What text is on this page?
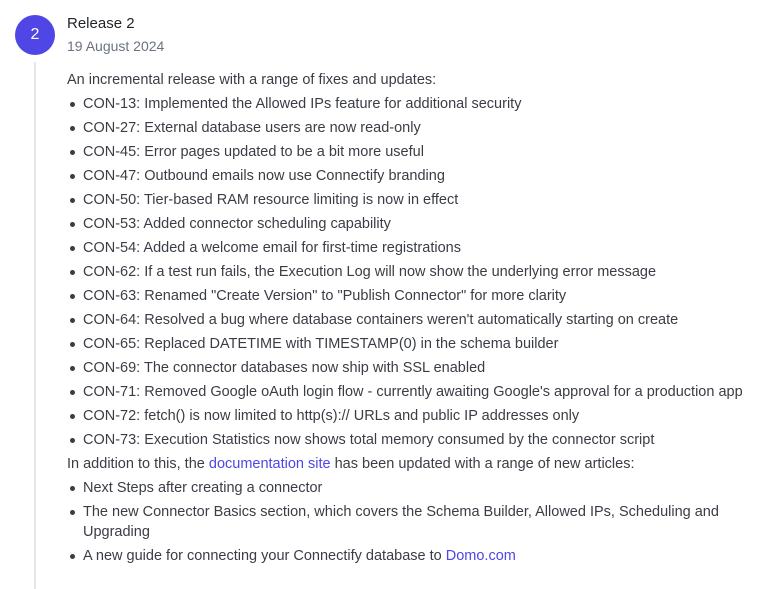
2
Release 2
19 August 2024
An incremental release with a range of fixes and updates:
CON-13: Implemented the Allowed IPs feature for additional security
CON-27: External database users are now read-only
CON-45: Error pages updated to be a bit more useful
CON-47: Outbound emails now use Connectify branding
CON-50: Tier-based RAM resource limiting is now in effect
CON-53: Added connector scheduling capability
CON-54: Added a welcome email for first-time registrations
CON-62: If a test run fails, the Execution Log will now show the underlying error message
CON-63: Renamed "Create Version" to "Publish Connector" for more clarity
CON-64: Resolved a bug where database containers weren't automatically starting on create
CON-65: Replaced DATETIME with TIMESTAMP(0) in the schema builder
CON-69: The connector databases now ship with SSL enabled
CON-71: Removed Google oAuth login flow - currently awaiting Google's approval for a production app
CON-72: fetch() is now limited to http(s):// URLs and public IP addresses only
CON-73: Execution Statistics now shows total memory consumed by the connector script
In addition to this, the documentation site has been updated with a range of new articles:
Next Steps after creating a connector
The new Connector Basics section, which covers the Schema Builder, Allowed IPs, Scheduling and Upgrading
A new guide for connecting your Connectify database to Domo.com
